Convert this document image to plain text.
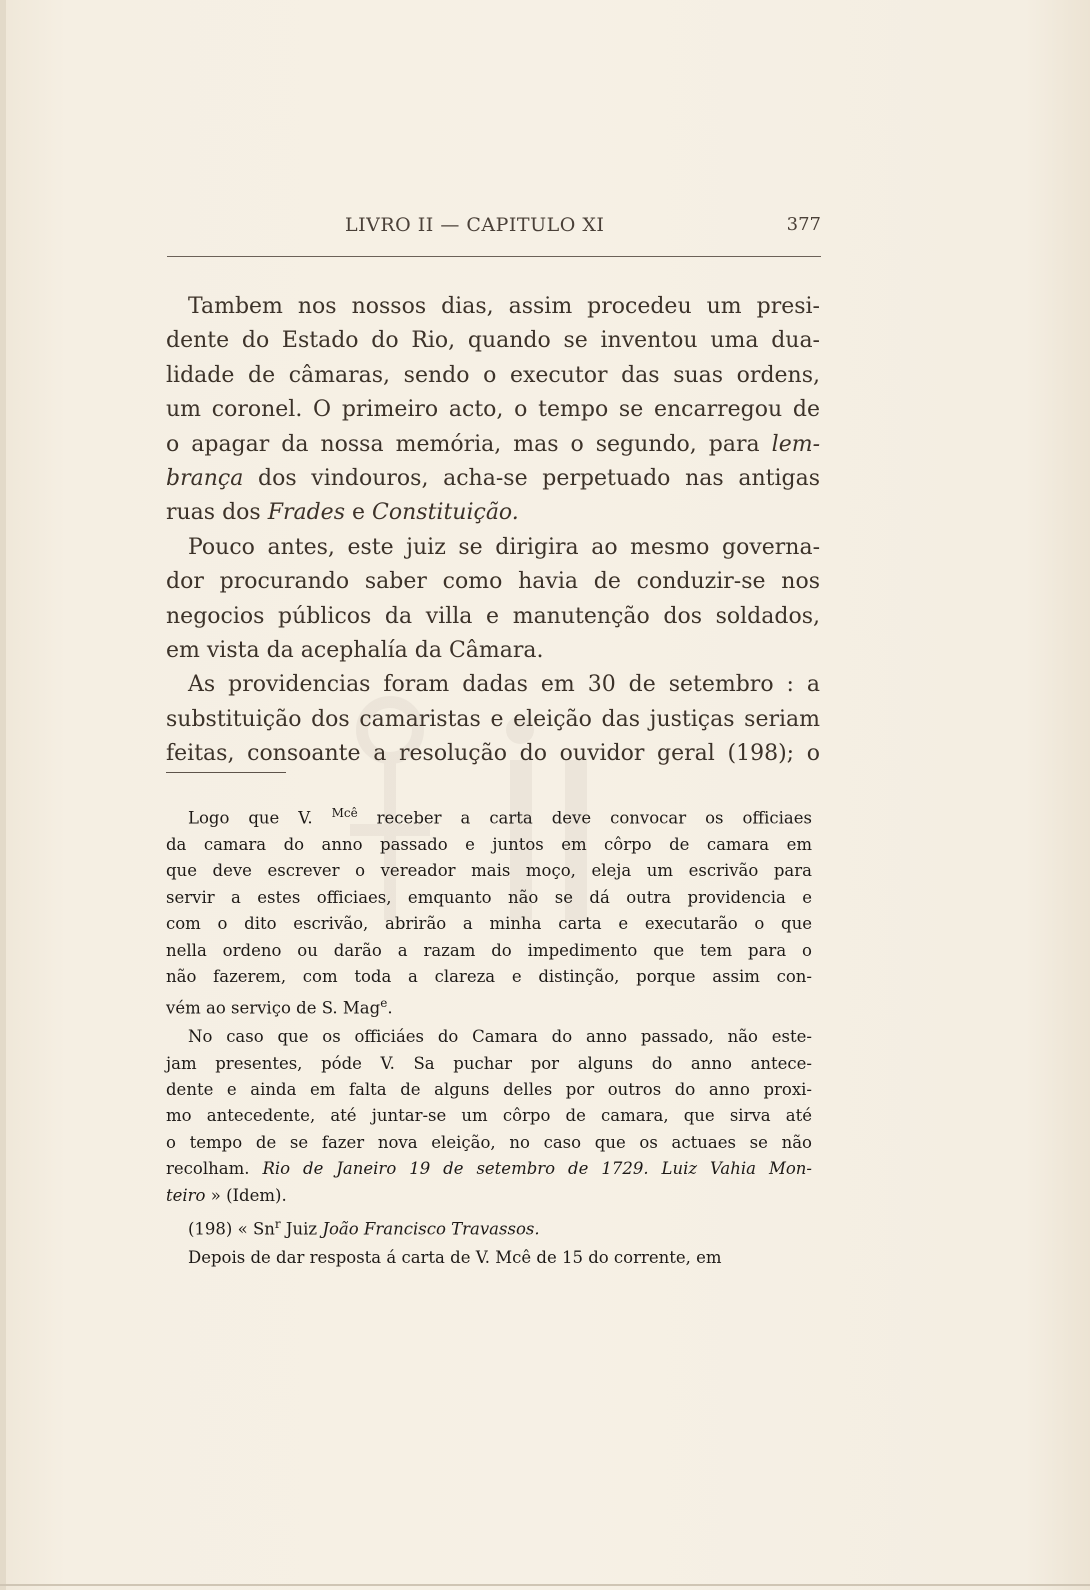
LIVRO II — CAPITULO XI	377
Tambem nos nossos dias, assim procedeu um presi-
dente do Estado do Rio, quando se inventou uma dua-
lidade de câmaras, sendo o executor das suas ordens,
um coronel. O primeiro acto, o tempo se encarregou de
o apagar da nossa memória, mas o segundo, para lem-
brança dos vindouros, acha-se perpetuado nas antigas
ruas dos Frades e Constituição.
Pouco antes, este juiz se dirigira ao mesmo governa-
dor procurando saber como havia de conduzir-se nos
negocios públicos da villa e manutenção dos soldados,
em vista da acephalía da Câmara.
As providencias foram dadas em 30 de setembro : a
substituição dos camaristas e eleição das justiças seriam
feitas, consoante a resolução do ouvidor geral (198); o
Logo que V. $^{Mcê}$ receber a carta deve convocar os officiaes
da camara do anno passado e juntos em côrpo de camara em
que deve escrever o vereador mais moço, eleja um escrivão para
servir a estes officiaes, emquanto não se dá outra providencia e
com o dito escrivão, abrirão a minha carta e executarão o que
nella ordeno ou darão a razam do impedimento que tem para o
não fazerem, com toda a clareza e distinção, porque assim con-
vém ao serviço de S. Mag$^e$.
No caso que os officiáes do Camara do anno passado, não este-
jam presentes, póde V. Sa puchar por alguns do anno antece-
dente e ainda em falta de alguns delles por outros do anno proxi-
mo antecedente, até juntar-se um côrpo de camara, que sirva até
o tempo de se fazer nova eleição, no caso que os actuaes se não
recolham. Rio de Janeiro 19 de setembro de 1729. Luiz Vahia Mon-
teiro » (Idem).
(198) « Sn$^r$ Juiz João Francisco Travassos.
Depois de dar resposta á carta de V. Mcê de 15 do corrente, em
